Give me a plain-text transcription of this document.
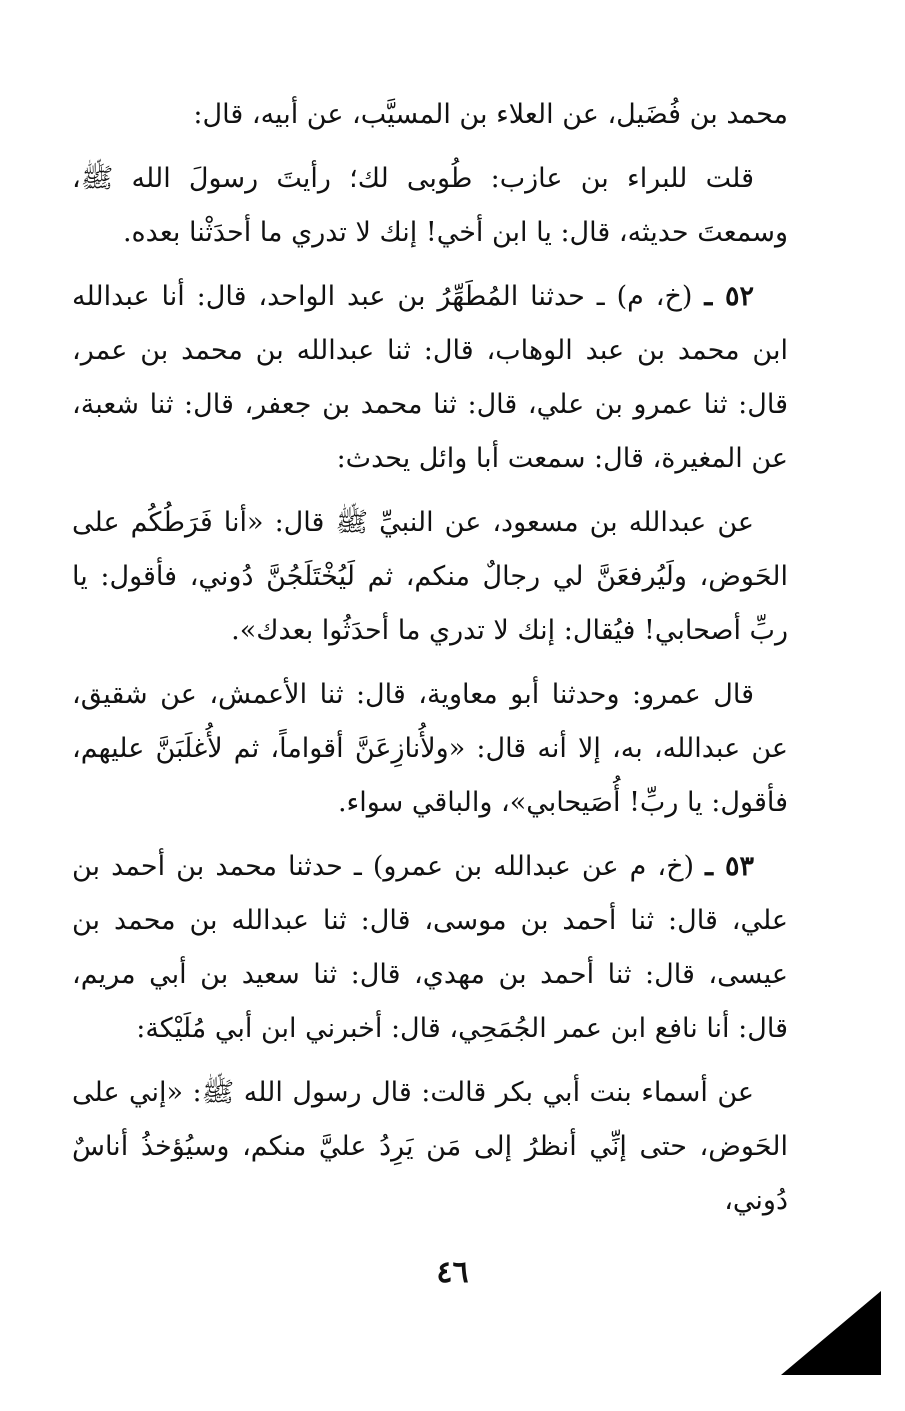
محمد بن فُضَيل، عن العلاء بن المسيَّب، عن أبيه، قال:

قلت للبراء بن عازب: طُوبى لك؛ رأيتَ رسولَ الله ﷺ، وسمعتَ حديثه، قال: يا ابن أخي! إنك لا تدري ما أحدَثْنا بعده.

٥٢ ـ (خ، م) ـ حدثنا المُطَهِّرُ بن عبد الواحد، قال: أنا عبدالله ابن محمد بن عبد الوهاب، قال: ثنا عبدالله بن محمد بن عمر، قال: ثنا عمرو بن علي، قال: ثنا محمد بن جعفر، قال: ثنا شعبة، عن المغيرة، قال: سمعت أبا وائل يحدث:

عن عبدالله بن مسعود، عن النبيِّ ﷺ قال: «أنا فَرَطُكُم على الحَوض، ولَيُرفعَنَّ لي رجالٌ منكم، ثم لَيُخْتَلَجُنَّ دُوني، فأقول: يا ربِّ أصحابي! فيُقال: إنك لا تدري ما أحدَثُوا بعدك».

قال عمرو: وحدثنا أبو معاوية، قال: ثنا الأعمش، عن شقيق، عن عبدالله، به، إلا أنه قال: «ولأُنازِعَنَّ أقواماً، ثم لأُغلَبَنَّ عليهم، فأقول: يا ربِّ! أُصَيحابي»، والباقي سواء.

٥٣ ـ (خ، م عن عبدالله بن عمرو) ـ حدثنا محمد بن أحمد بن علي، قال: ثنا أحمد بن موسى، قال: ثنا عبدالله بن محمد بن عيسى، قال: ثنا أحمد بن مهدي، قال: ثنا سعيد بن أبي مريم، قال: أنا نافع ابن عمر الجُمَحِي، قال: أخبرني ابن أبي مُلَيْكة:

عن أسماء بنت أبي بكر قالت: قال رسول الله ﷺ: «إني على الحَوض، حتى إنِّي أنظرُ إلى مَن يَرِدُ عليَّ منكم، وسيُؤخذُ أناسٌ دُوني،

٤٦
